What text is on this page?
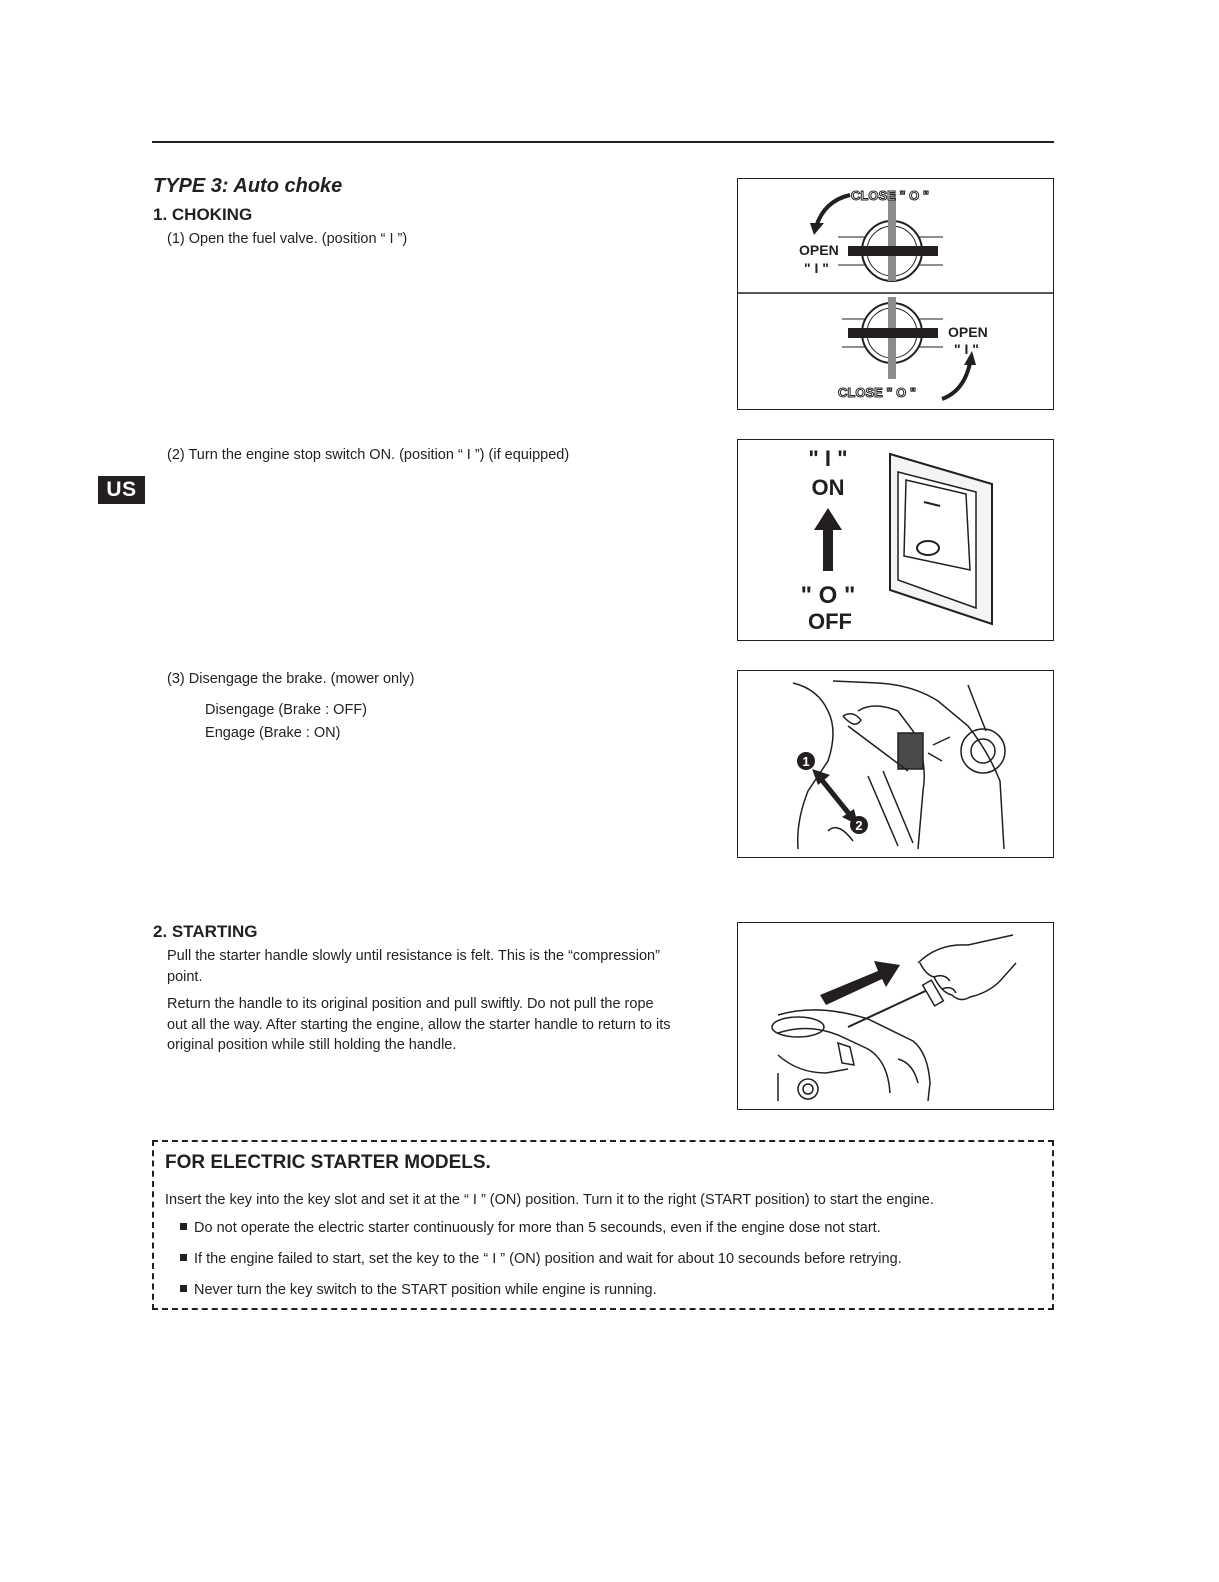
US
TYPE 3: Auto choke
1. CHOKING
(1) Open the fuel valve. (position “ I ”)
(2) Turn the engine stop switch ON. (position “ I ”) (if equipped)
(3) Disengage the brake. (mower only)
Disengage (Brake : OFF)
Engage (Brake : ON)
CLOSE " O "
OPEN
" I "
OPEN
" I "
CLOSE " O "
" I "
ON
" O "
OFF
1
2
2. STARTING
Pull the starter handle slowly until resistance is felt. This is the “compression”
point.
Return the handle to its original position and pull swiftly. Do not pull the rope
out all the way. After starting the engine, allow the starter handle to return to its
original position while still holding the handle.
FOR ELECTRIC STARTER MODELS.
Insert the key into the key slot and set it at the “ I ” (ON) position. Turn it to the right (START position) to start the engine.
Do not operate the electric starter continuously for more than 5 secounds, even if the engine dose not start.
If the engine failed to start, set the key to the “ I ” (ON) position and wait for about 10 secounds before retrying.
Never turn the key switch to the START position while engine is running.
